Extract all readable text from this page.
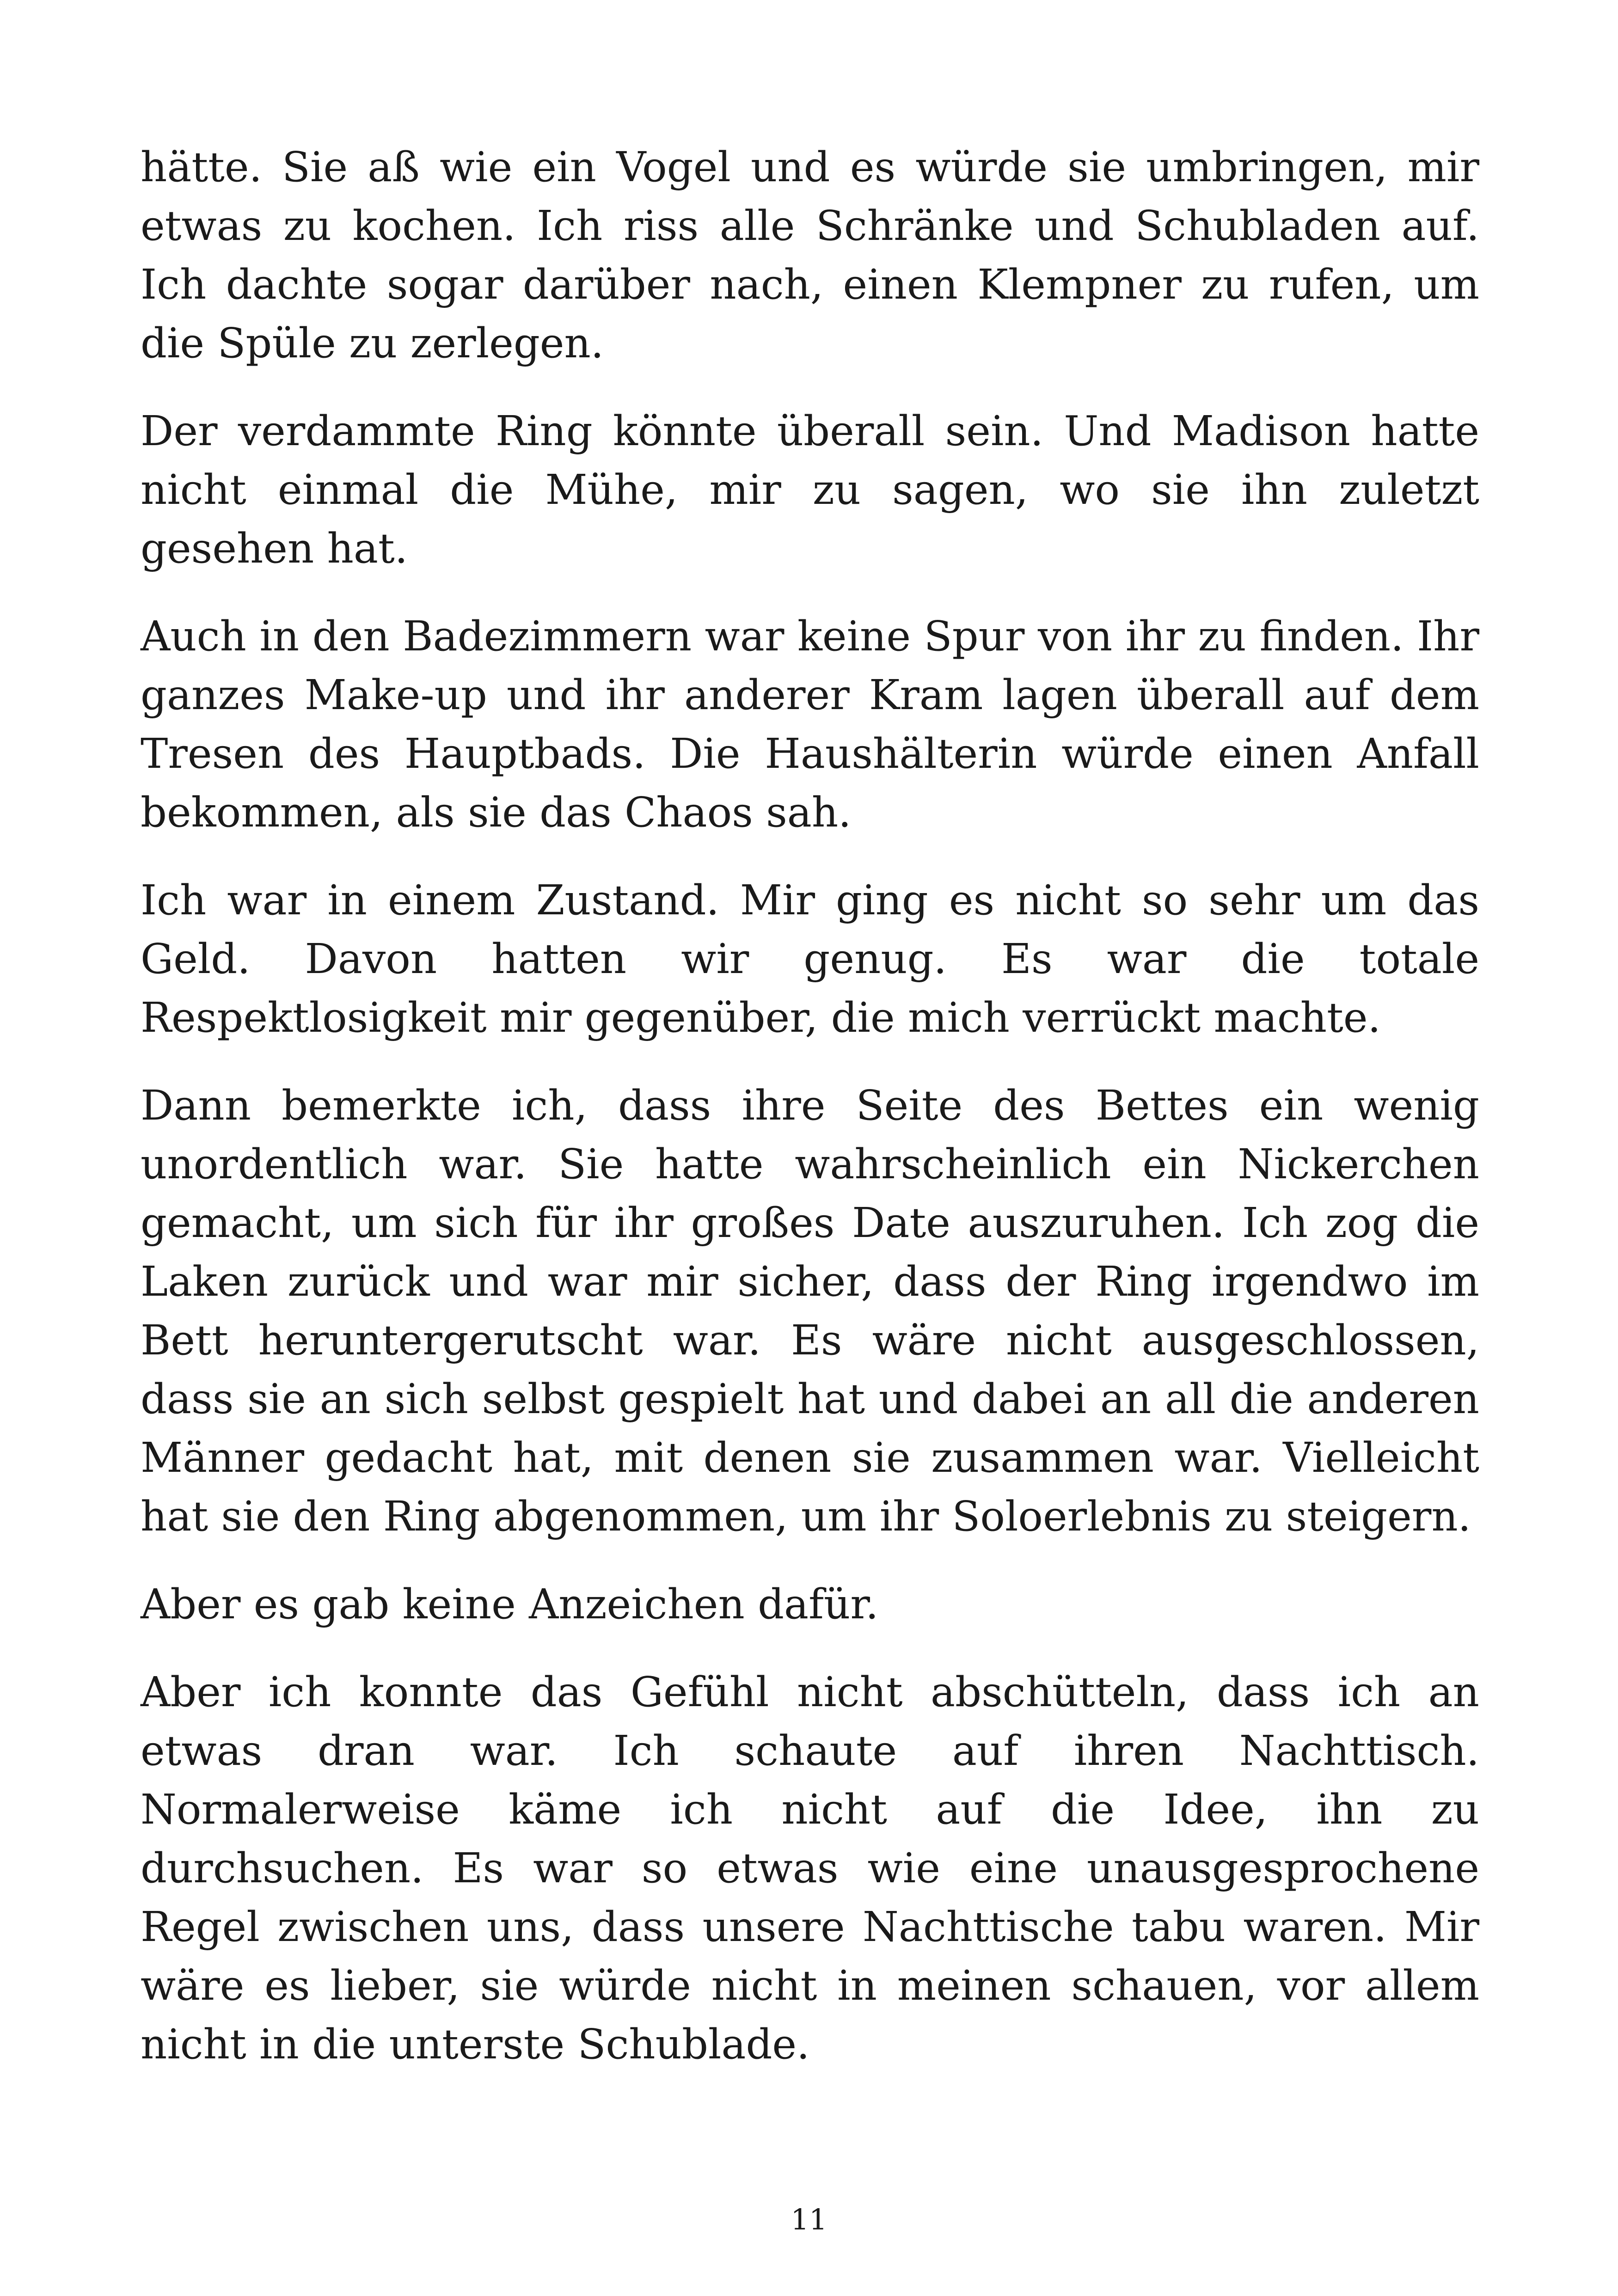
hätte. Sie aß wie ein Vogel und es würde sie umbringen, mir etwas zu kochen. Ich riss alle Schränke und Schubladen auf. Ich dachte sogar darüber nach, einen Klempner zu rufen, um die Spüle zu zerlegen.

Der verdammte Ring könnte überall sein. Und Madison hatte nicht einmal die Mühe, mir zu sagen, wo sie ihn zuletzt gesehen hat.

Auch in den Badezimmern war keine Spur von ihr zu finden. Ihr ganzes Make-up und ihr anderer Kram lagen überall auf dem Tresen des Hauptbads. Die Haushälterin würde einen Anfall bekommen, als sie das Chaos sah.

Ich war in einem Zustand. Mir ging es nicht so sehr um das Geld. Davon hatten wir genug. Es war die totale Respektlosigkeit mir gegenüber, die mich verrückt machte.

Dann bemerkte ich, dass ihre Seite des Bettes ein wenig unordentlich war. Sie hatte wahrscheinlich ein Nickerchen gemacht, um sich für ihr großes Date auszuruhen. Ich zog die Laken zurück und war mir sicher, dass der Ring irgendwo im Bett heruntergerutscht war. Es wäre nicht ausgeschlossen, dass sie an sich selbst gespielt hat und dabei an all die anderen Männer gedacht hat, mit denen sie zusammen war. Vielleicht hat sie den Ring abgenommen, um ihr Soloerlebnis zu steigern.

Aber es gab keine Anzeichen dafür.

Aber ich konnte das Gefühl nicht abschütteln, dass ich an etwas dran war. Ich schaute auf ihren Nachttisch. Normalerweise käme ich nicht auf die Idee, ihn zu durchsuchen. Es war so etwas wie eine unausgesprochene Regel zwischen uns, dass unsere Nachttische tabu waren. Mir wäre es lieber, sie würde nicht in meinen schauen, vor allem nicht in die unterste Schublade.

11
